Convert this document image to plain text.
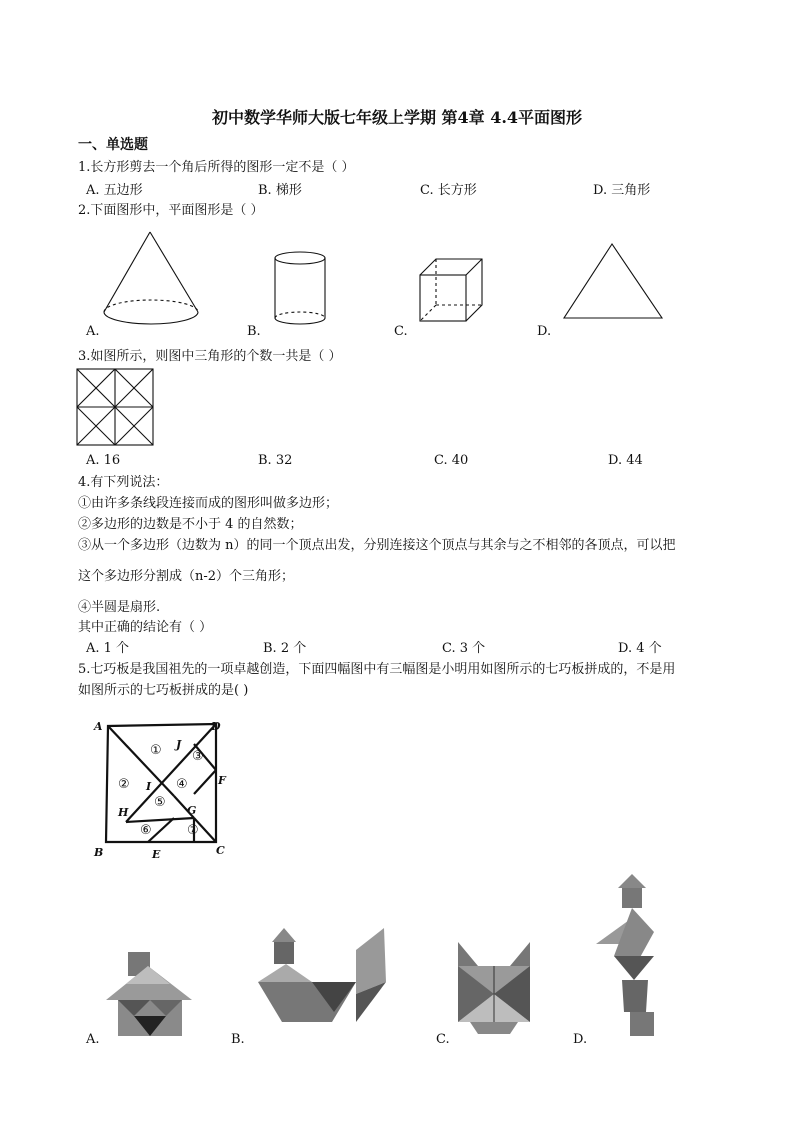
初中数学华师大版七年级上学期 第4章 4.4平面图形
一、单选题
1.长方形剪去一个角后所得的图形一定不是（ ）
A. 五边形	B. 梯形	C. 长方形	D. 三角形
2.下面图形中，平面图形是（ ）
A.	B.	C.	D.
3.如图所示，则图中三角形的个数一共是（ ）
A. 16	B. 32	C. 40	D. 44
4.有下列说法：
①由许多条线段连接而成的图形叫做多边形；
②多边形的边数是不小于 4 的自然数；
③从一个多边形（边数为 n）的同一个顶点出发，分别连接这个顶点与其余与之不相邻的各顶点，可以把
这个多边形分割成（n-2）个三角形；
④半圆是扇形.
其中正确的结论有（ ）
A. 1 个	B. 2 个	C. 3 个	D. 4 个
5.七巧板是我国祖先的一项卓越创造，下面四幅图中有三幅图是小明用如图所示的七巧板拼成的，不是用
如图所示的七巧板拼成的是( )
A	D
F
B	E	C
J
I
H	G
①
②
③
④
⑤
⑥	⑦
A.	B.	C.	D.
